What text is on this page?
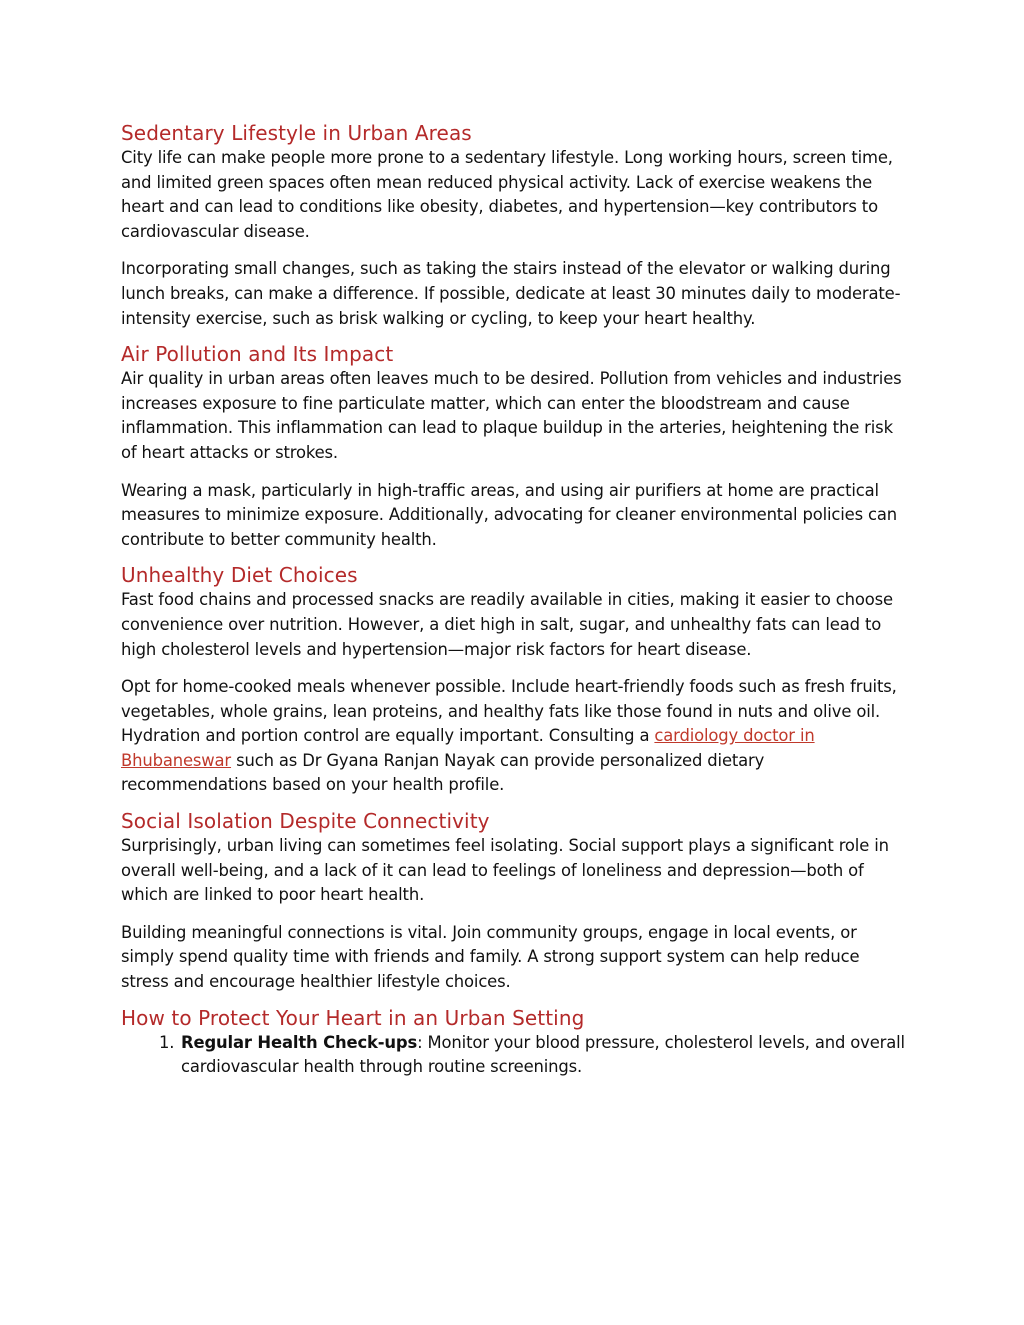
Sedentary Lifestyle in Urban Areas

City life can make people more prone to a sedentary lifestyle. Long working hours, screen time, and limited green spaces often mean reduced physical activity. Lack of exercise weakens the heart and can lead to conditions like obesity, diabetes, and hypertension—key contributors to cardiovascular disease.

Incorporating small changes, such as taking the stairs instead of the elevator or walking during lunch breaks, can make a difference. If possible, dedicate at least 30 minutes daily to moderate-intensity exercise, such as brisk walking or cycling, to keep your heart healthy.

Air Pollution and Its Impact

Air quality in urban areas often leaves much to be desired. Pollution from vehicles and industries increases exposure to fine particulate matter, which can enter the bloodstream and cause inflammation. This inflammation can lead to plaque buildup in the arteries, heightening the risk of heart attacks or strokes.

Wearing a mask, particularly in high-traffic areas, and using air purifiers at home are practical measures to minimize exposure. Additionally, advocating for cleaner environmental policies can contribute to better community health.

Unhealthy Diet Choices

Fast food chains and processed snacks are readily available in cities, making it easier to choose convenience over nutrition. However, a diet high in salt, sugar, and unhealthy fats can lead to high cholesterol levels and hypertension—major risk factors for heart disease.

Opt for home-cooked meals whenever possible. Include heart-friendly foods such as fresh fruits, vegetables, whole grains, lean proteins, and healthy fats like those found in nuts and olive oil. Hydration and portion control are equally important. Consulting a cardiology doctor in Bhubaneswar such as Dr Gyana Ranjan Nayak can provide personalized dietary recommendations based on your health profile.

Social Isolation Despite Connectivity

Surprisingly, urban living can sometimes feel isolating. Social support plays a significant role in overall well-being, and a lack of it can lead to feelings of loneliness and depression—both of which are linked to poor heart health.

Building meaningful connections is vital. Join community groups, engage in local events, or simply spend quality time with friends and family. A strong support system can help reduce stress and encourage healthier lifestyle choices.

How to Protect Your Heart in an Urban Setting
1. Regular Health Check-ups: Monitor your blood pressure, cholesterol levels, and overall cardiovascular health through routine screenings.
